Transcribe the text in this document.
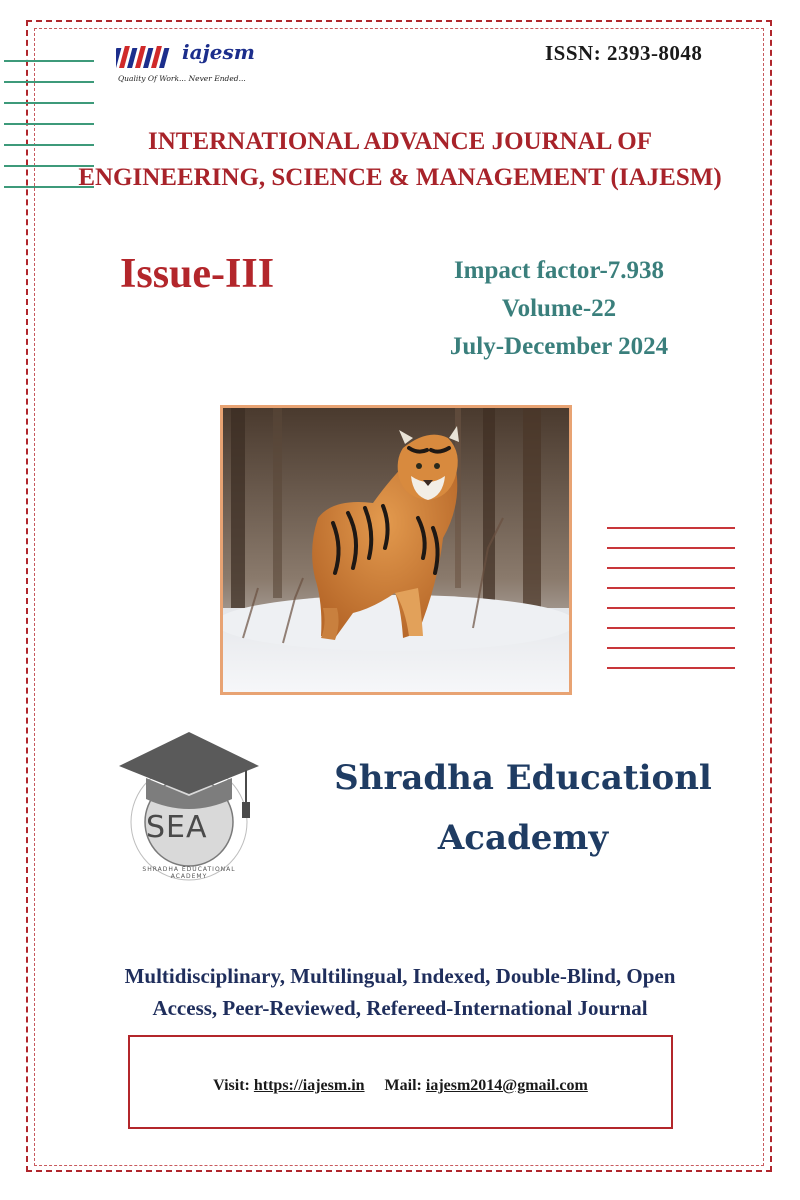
iajesm
Quality Of Work... Never Ended...
ISSN: 2393-8048
INTERNATIONAL ADVANCE JOURNAL OF
ENGINEERING, SCIENCE & MANAGEMENT (IAJESM)
Issue-III	Impact factor-7.938
Volume-22
July-December 2024
SEA
SHRADHA EDUCATIONAL ACADEMY
Shradha Educationl
Academy
Multidisciplinary, Multilingual, Indexed, Double-Blind, Open
Access, Peer-Reviewed, Refereed-International Journal
Visit: https://iajesm.in Mail: iajesm2014@gmail.com
